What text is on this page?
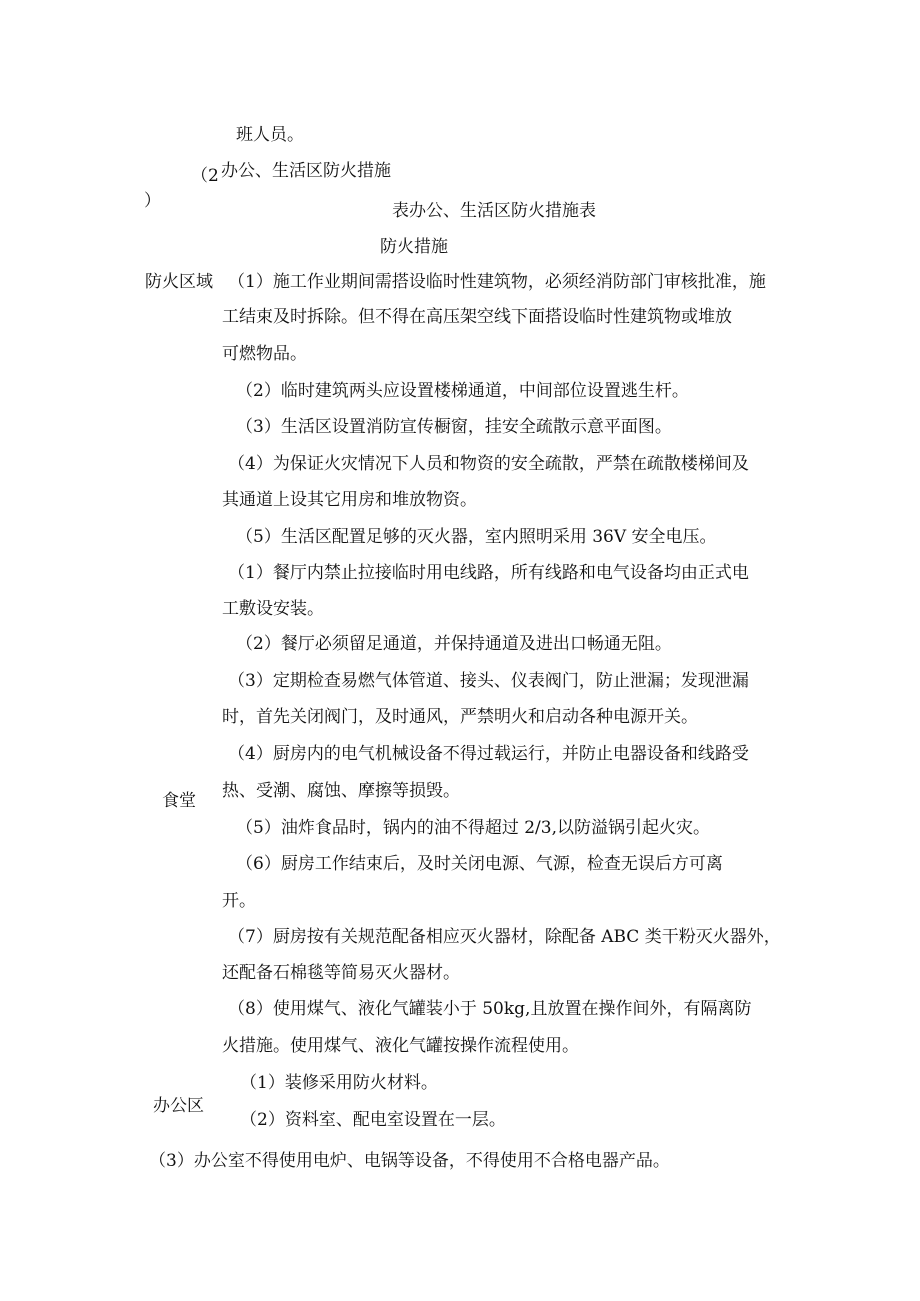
班人员。
（2 办公、生活区防火措施
）	表办公、生活区防火措施表
防火措施
防火区域 （1）施工作业期间需搭设临时性建筑物，必须经消防部门审核批准，施
工结束及时拆除。但不得在高压架空线下面搭设临时性建筑物或堆放
可燃物品。
（2）临时建筑两头应设置楼梯通道，中间部位设置逃生杆。
（3）生活区设置消防宣传橱窗，挂安全疏散示意平面图。
（4）为保证火灾情况下人员和物资的安全疏散，严禁在疏散楼梯间及
其通道上设其它用房和堆放物资。
（5）生活区配置足够的灭火器，室内照明采用 36V 安全电压。
（1）餐厅内禁止拉接临时用电线路，所有线路和电气设备均由正式电
工敷设安装。
（2）餐厅必须留足通道，并保持通道及进出口畅通无阻。
（3）定期检查易燃气体管道、接头、仪表阀门，防止泄漏；发现泄漏
时，首先关闭阀门，及时通风，严禁明火和启动各种电源开关。
（4）厨房内的电气机械设备不得过载运行，并防止电器设备和线路受
热、受潮、腐蚀、摩擦等损毁。
食堂
（5）油炸食品时，锅内的油不得超过 2/3,以防溢锅引起火灾。
（6）厨房工作结束后，及时关闭电源、气源，检查无误后方可离
开。
（7）厨房按有关规范配备相应灭火器材，除配备 ABC 类干粉灭火器外，
还配备石棉毯等简易灭火器材。
（8）使用煤气、液化气罐装小于 50kg,且放置在操作间外，有隔离防
火措施。使用煤气、液化气罐按操作流程使用。
（1）装修采用防火材料。
办公区
（2）资料室、配电室设置在一层。
（3）办公室不得使用电炉、电锅等设备，不得使用不合格电器产品。
